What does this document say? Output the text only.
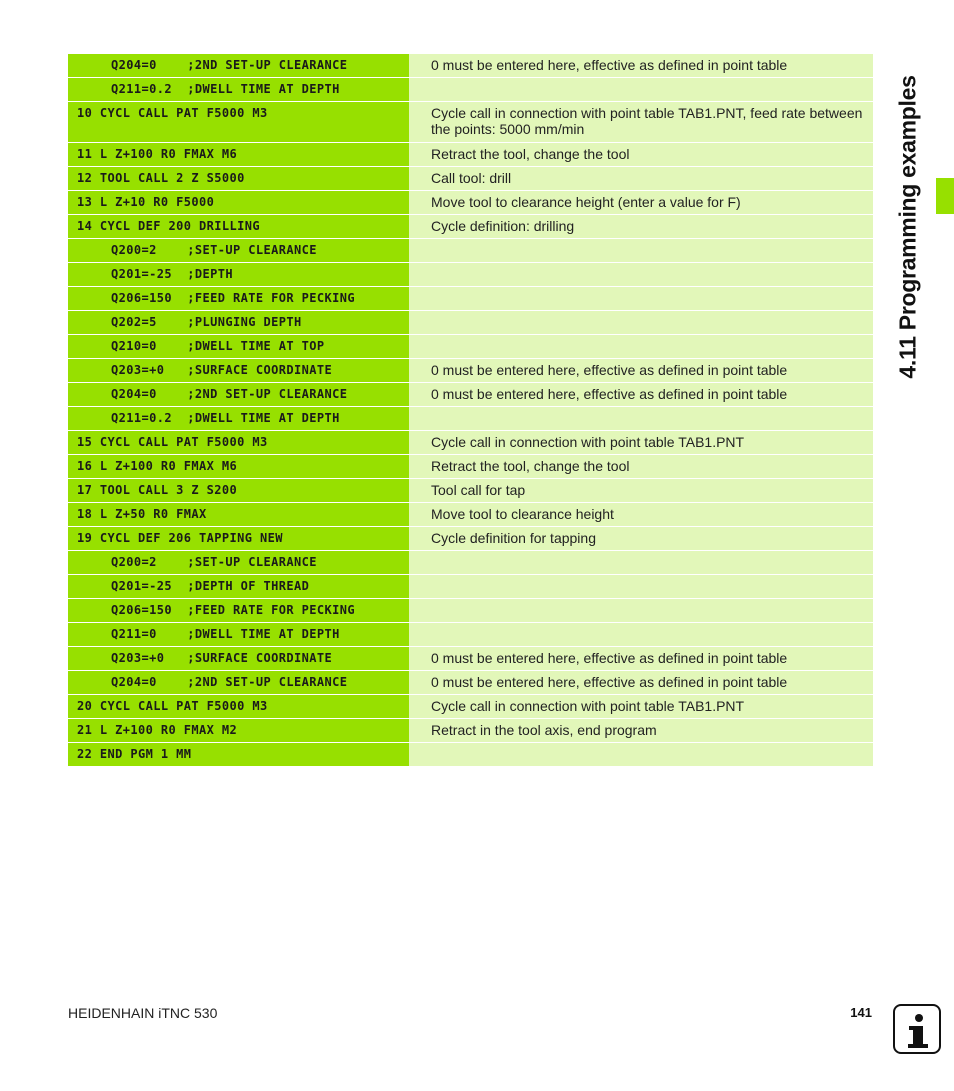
Q204=0    ;2ND SET-UP CLEARANCE		0 must be entered here, effective as defined in point table
Q211=0.2  ;DWELL TIME AT DEPTH		
10 CYCL CALL PAT F5000 M3		Cycle call in connection with point table TAB1.PNT, feed rate between the points: 5000 mm/min
11 L Z+100 R0 FMAX M6		Retract the tool, change the tool
12 TOOL CALL 2 Z S5000		Call tool: drill
13 L Z+10 R0 F5000		Move tool to clearance height (enter a value for F)
14 CYCL DEF 200 DRILLING		Cycle definition: drilling
Q200=2    ;SET-UP CLEARANCE		
Q201=-25  ;DEPTH		
Q206=150  ;FEED RATE FOR PECKING		
Q202=5    ;PLUNGING DEPTH		
Q210=0    ;DWELL TIME AT TOP		
Q203=+0   ;SURFACE COORDINATE		0 must be entered here, effective as defined in point table
Q204=0    ;2ND SET-UP CLEARANCE		0 must be entered here, effective as defined in point table
Q211=0.2  ;DWELL TIME AT DEPTH		
15 CYCL CALL PAT F5000 M3		Cycle call in connection with point table TAB1.PNT
16 L Z+100 R0 FMAX M6		Retract the tool, change the tool
17 TOOL CALL 3 Z S200		Tool call for tap
18 L Z+50 R0 FMAX		Move tool to clearance height
19 CYCL DEF 206 TAPPING NEW		Cycle definition for tapping
Q200=2    ;SET-UP CLEARANCE		
Q201=-25  ;DEPTH OF THREAD		
Q206=150  ;FEED RATE FOR PECKING		
Q211=0    ;DWELL TIME AT DEPTH		
Q203=+0   ;SURFACE COORDINATE		0 must be entered here, effective as defined in point table
Q204=0    ;2ND SET-UP CLEARANCE		0 must be entered here, effective as defined in point table
20 CYCL CALL PAT F5000 M3		Cycle call in connection with point table TAB1.PNT
21 L Z+100 R0 FMAX M2		Retract in the tool axis, end program
22 END PGM 1 MM		
4.11 Programming examples
HEIDENHAIN iTNC 530	141
